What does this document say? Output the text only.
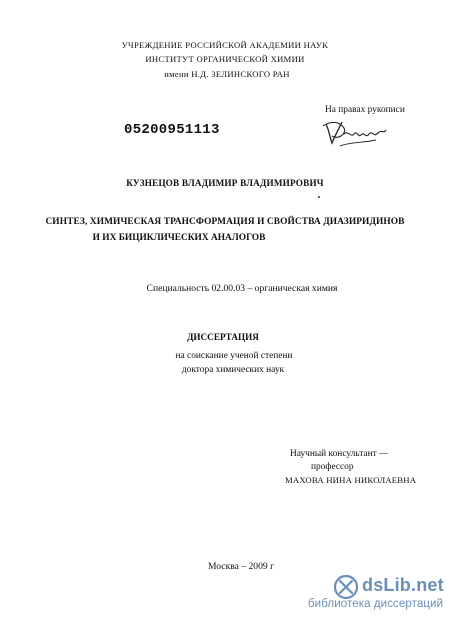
УЧРЕЖДЕНИЕ РОССИЙСКОЙ АКАДЕМИИ НАУК
ИНСТИТУТ ОРГАНИЧЕСКОЙ ХИМИИ
имени Н.Д. ЗЕЛИНСКОГО РАН
На правах рукописи
05200951113
КУЗНЕЦОВ ВЛАДИМИР ВЛАДИМИРОВИЧ
СИНТЕЗ, ХИМИЧЕСКАЯ ТРАНСФОРМАЦИЯ И СВОЙСТВА ДИАЗИРИДИНОВ
И ИХ БИЦИКЛИЧЕСКИХ АНАЛОГОВ
Специальность 02.00.03 – органическая химия
ДИССЕРТАЦИЯ
на соискание ученой степени
доктора химических наук
Научный консультант —
профессор
МАХОВА НИНА НИКОЛАЕВНА
Москва – 2009 г
dsLib.net
библиотека диссертаций
